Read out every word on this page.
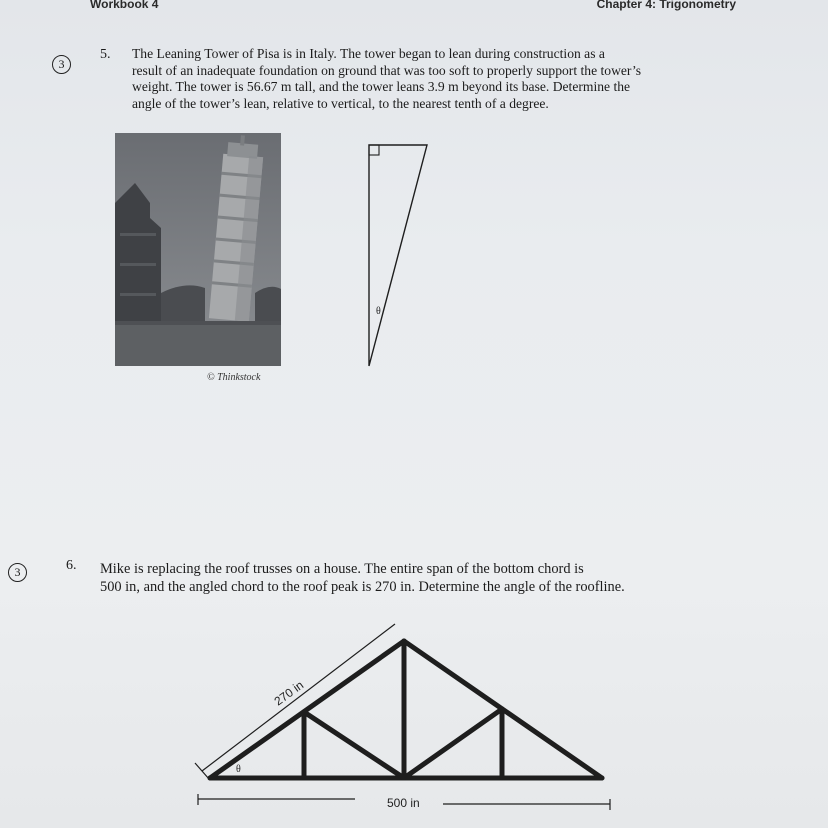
Workbook 4	Chapter 4: Trigonometry
3
5. The Leaning Tower of Pisa is in Italy. The tower began to lean during construction as a
result of an inadequate foundation on ground that was too soft to properly support the tower’s
weight. The tower is 56.67 m tall, and the tower leans 3.9 m beyond its base. Determine the
angle of the tower’s lean, relative to vertical, to the nearest tenth of a degree.
© Thinkstock
θ
3	6. Mike is replacing the roof trusses on a house. The entire span of the bottom chord is
500 in, and the angled chord to the roof peak is 270 in. Determine the angle of the roofline.
270 in
θ
500 in
